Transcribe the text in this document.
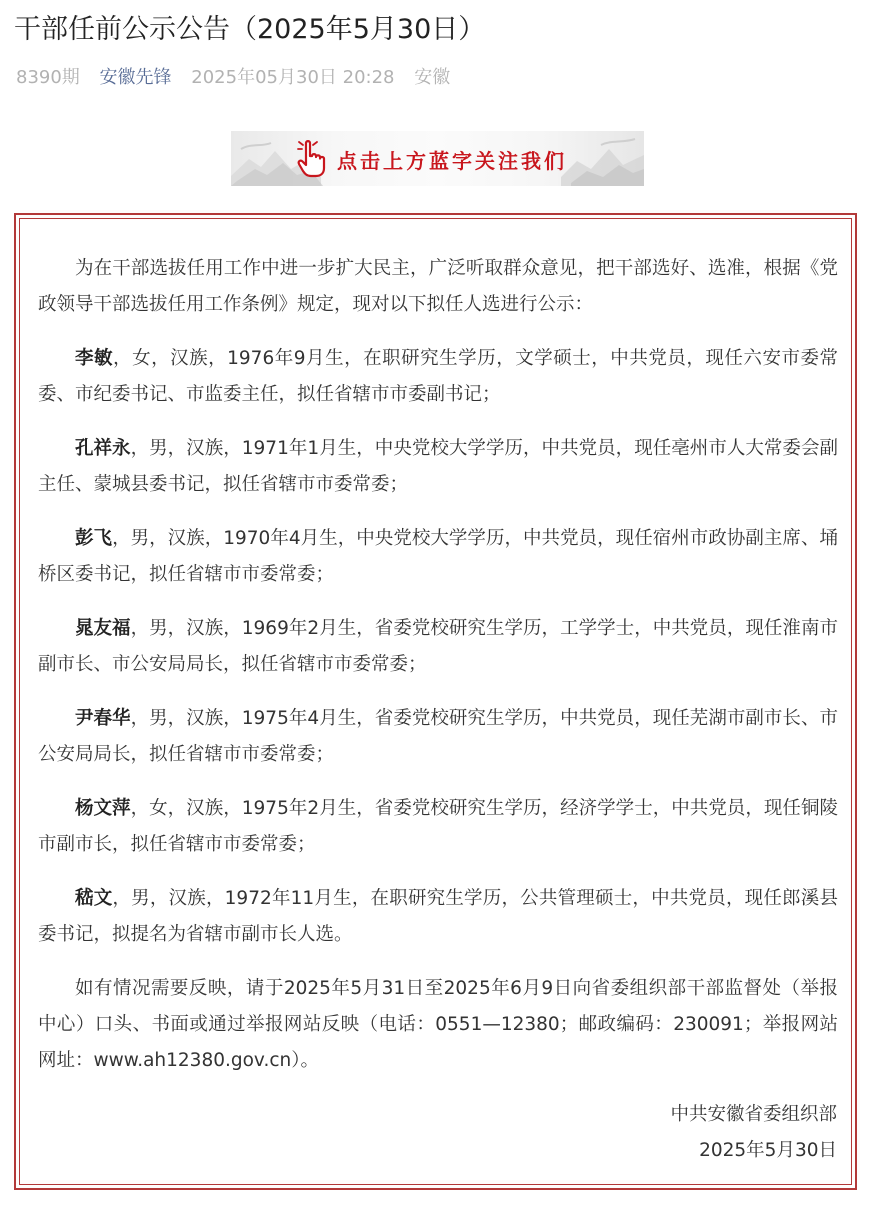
干部任前公示公告（2025年5月30日）
8390期 安徽先锋 2025年05月30日 20:28 安徽
点击上方蓝字关注我们

为在干部选拔任用工作中进一步扩大民主，广泛听取群众意见，把干部选好、选准，根据《党政领导干部选拔任用工作条例》规定，现对以下拟任人选进行公示：

李敏，女，汉族，1976年9月生，在职研究生学历，文学硕士，中共党员，现任六安市委常委、市纪委书记、市监委主任，拟任省辖市市委副书记；

孔祥永，男，汉族，1971年1月生，中央党校大学学历，中共党员，现任亳州市人大常委会副主任、蒙城县委书记，拟任省辖市市委常委；

彭飞，男，汉族，1970年4月生，中央党校大学学历，中共党员，现任宿州市政协副主席、埇桥区委书记，拟任省辖市市委常委；

晁友福，男，汉族，1969年2月生，省委党校研究生学历，工学学士，中共党员，现任淮南市副市长、市公安局局长，拟任省辖市市委常委；

尹春华，男，汉族，1975年4月生，省委党校研究生学历，中共党员，现任芜湖市副市长、市公安局局长，拟任省辖市市委常委；

杨文萍，女，汉族，1975年2月生，省委党校研究生学历，经济学学士，中共党员，现任铜陵市副市长，拟任省辖市市委常委；

嵇文，男，汉族，1972年11月生，在职研究生学历，公共管理硕士，中共党员，现任郎溪县委书记，拟提名为省辖市副市长人选。

如有情况需要反映，请于2025年5月31日至2025年6月9日向省委组织部干部监督处（举报中心）口头、书面或通过举报网站反映（电话：0551—12380；邮政编码：230091；举报网站网址：www.ah12380.gov.cn）。

中共安徽省委组织部
2025年5月30日
